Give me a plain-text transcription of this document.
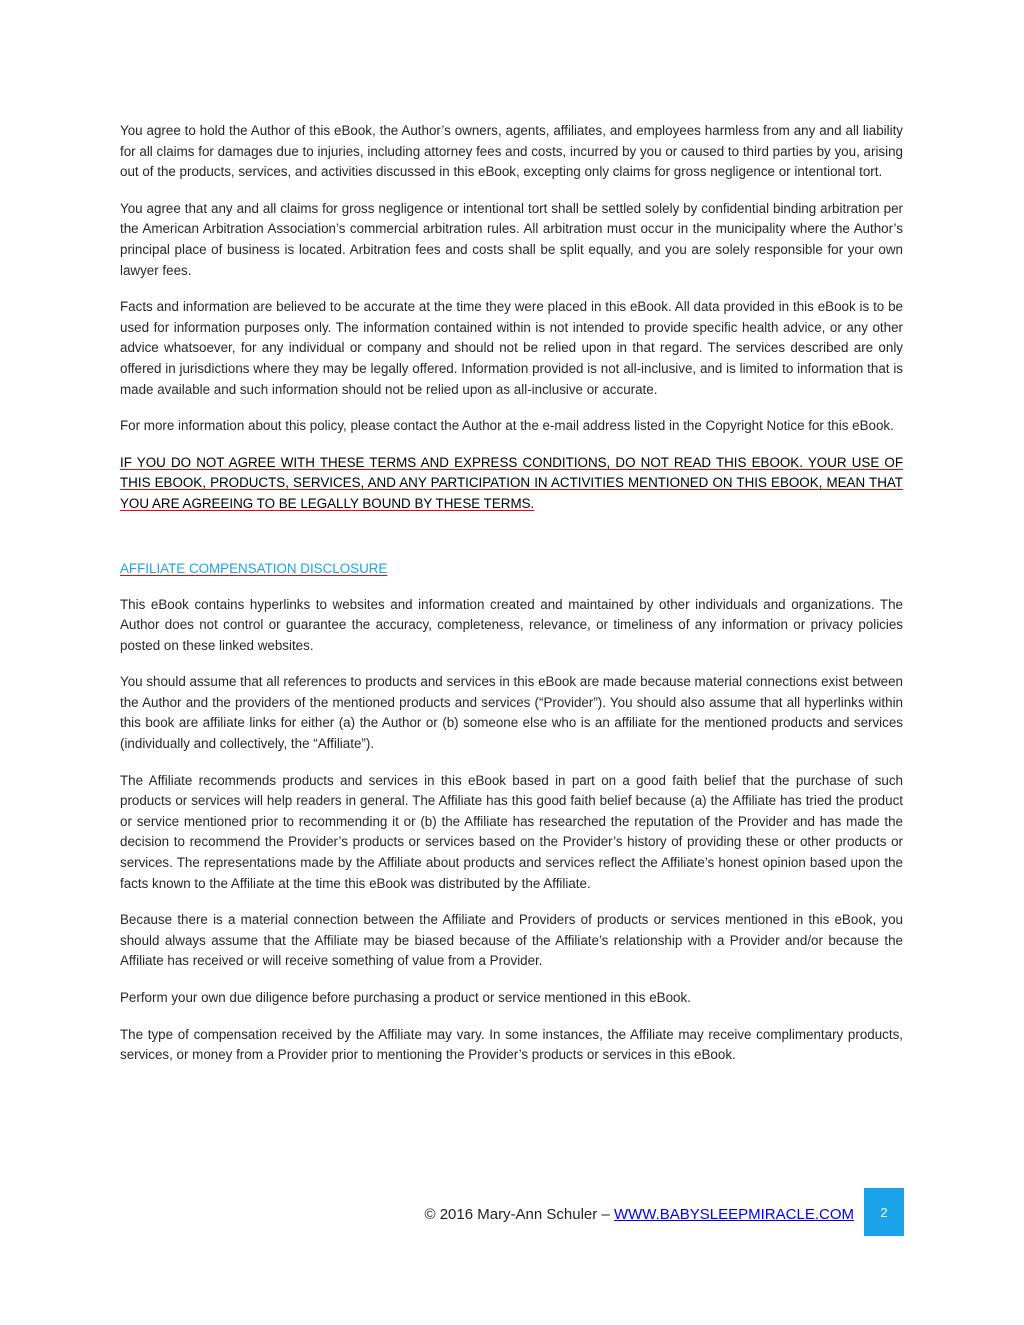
You agree to hold the Author of this eBook, the Author’s owners, agents, affiliates, and employees harmless from any and all liability for all claims for damages due to injuries, including attorney fees and costs, incurred by you or caused to third parties by you, arising out of the products, services, and activities discussed in this eBook, excepting only claims for gross negligence or intentional tort.

You agree that any and all claims for gross negligence or intentional tort shall be settled solely by confidential binding arbitration per the American Arbitration Association’s commercial arbitration rules. All arbitration must occur in the municipality where the Author’s principal place of business is located. Arbitration fees and costs shall be split equally, and you are solely responsible for your own lawyer fees.

Facts and information are believed to be accurate at the time they were placed in this eBook. All data provided in this eBook is to be used for information purposes only. The information contained within is not intended to provide specific health advice, or any other advice whatsoever, for any individual or company and should not be relied upon in that regard. The services described are only offered in jurisdictions where they may be legally offered. Information provided is not all-inclusive, and is limited to information that is made available and such information should not be relied upon as all-inclusive or accurate.

For more information about this policy, please contact the Author at the e-mail address listed in the Copyright Notice for this eBook.

IF YOU DO NOT AGREE WITH THESE TERMS AND EXPRESS CONDITIONS, DO NOT READ THIS EBOOK. YOUR USE OF THIS EBOOK, PRODUCTS, SERVICES, AND ANY PARTICIPATION IN ACTIVITIES MENTIONED ON THIS EBOOK, MEAN THAT YOU ARE AGREEING TO BE LEGALLY BOUND BY THESE TERMS.

AFFILIATE COMPENSATION DISCLOSURE

This eBook contains hyperlinks to websites and information created and maintained by other individuals and organizations. The Author does not control or guarantee the accuracy, completeness, relevance, or timeliness of any information or privacy policies posted on these linked websites.

You should assume that all references to products and services in this eBook are made because material connections exist between the Author and the providers of the mentioned products and services (“Provider”). You should also assume that all hyperlinks within this book are affiliate links for either (a) the Author or (b) someone else who is an affiliate for the mentioned products and services (individually and collectively, the “Affiliate”).

The Affiliate recommends products and services in this eBook based in part on a good faith belief that the purchase of such products or services will help readers in general. The Affiliate has this good faith belief because (a) the Affiliate has tried the product or service mentioned prior to recommending it or (b) the Affiliate has researched the reputation of the Provider and has made the decision to recommend the Provider’s products or services based on the Provider’s history of providing these or other products or services. The representations made by the Affiliate about products and services reflect the Affiliate’s honest opinion based upon the facts known to the Affiliate at the time this eBook was distributed by the Affiliate.

Because there is a material connection between the Affiliate and Providers of products or services mentioned in this eBook, you should always assume that the Affiliate may be biased because of the Affiliate’s relationship with a Provider and/or because the Affiliate has received or will receive something of value from a Provider.

Perform your own due diligence before purchasing a product or service mentioned in this eBook.

The type of compensation received by the Affiliate may vary. In some instances, the Affiliate may receive complimentary products, services, or money from a Provider prior to mentioning the Provider’s products or services in this eBook.

© 2016 Mary-Ann Schuler – WWW.BABYSLEEPMIRACLE.COM 2
